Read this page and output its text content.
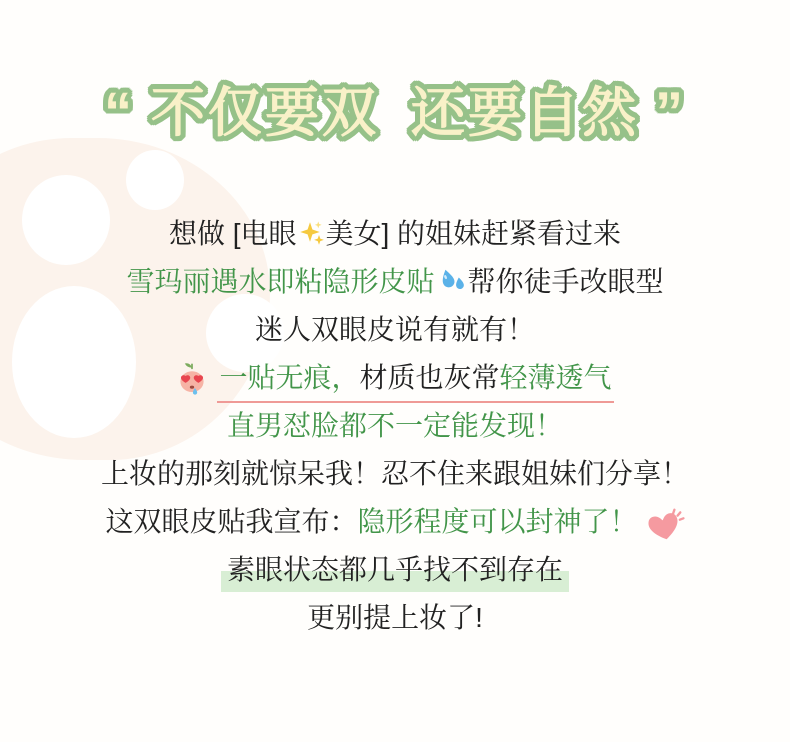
“ 不仅要双 还要自然 ”
想做 [电眼 美女] 的姐妹赶紧看过来
雪玛丽遇水即粘隐形皮贴 帮你徒手改眼型
迷人双眼皮说有就有！
一贴无痕，材质也灰常轻薄透气
直男怼脸都不一定能发现！
上妆的那刻就惊呆我！忍不住来跟姐妹们分享！
这双眼皮贴我宣布：隐形程度可以封神了！
素眼状态都几乎找不到存在
更别提上妆了!
